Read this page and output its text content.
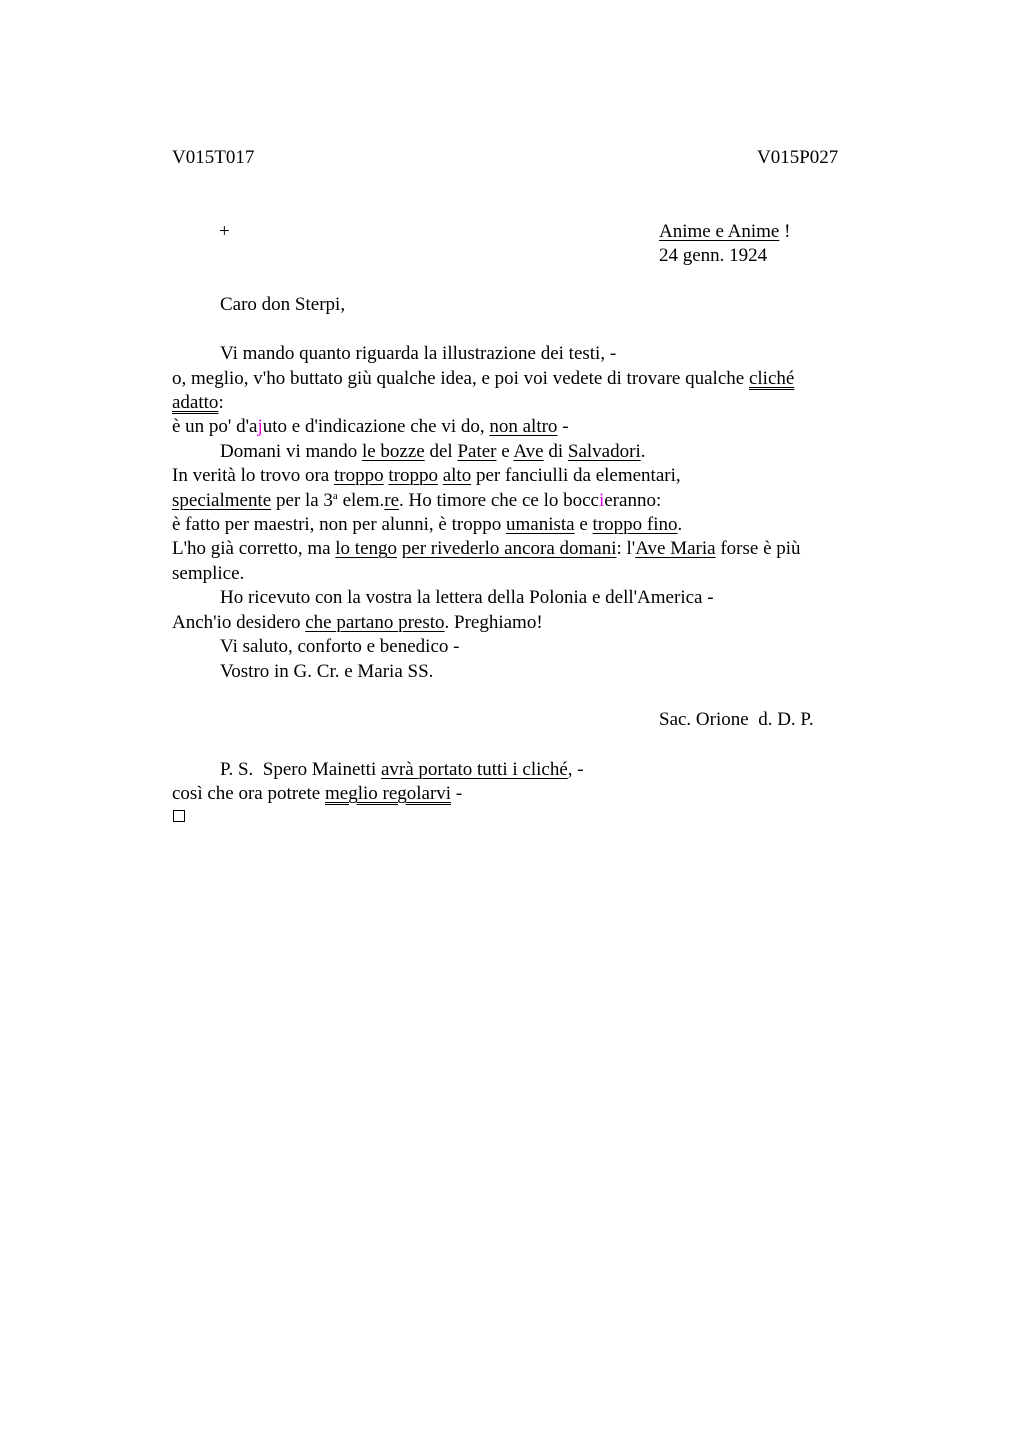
V015T017	V015P027
+	Anime e Anime !
24 genn. 1924
Caro don Sterpi,
Vi mando quanto riguarda la illustrazione dei testi, -
o, meglio, v'ho buttato giù qualche idea, e poi voi vedete di trovare qualche cliché
adatto:
è un po' d'ajuto e d'indicazione che vi do, non altro -
Domani vi mando le bozze del Pater e Ave di Salvadori.
In verità lo trovo ora troppo troppo alto per fanciulli da elementari,
specialmente per la 3$^a$ elem.re. Ho timore che ce lo boccieranno:
è fatto per maestri, non per alunni, è troppo umanista e troppo fino.
L'ho già corretto, ma lo tengo per rivederlo ancora domani: l'Ave Maria forse è più
semplice.
Ho ricevuto con la vostra la lettera della Polonia e dell'America -
Anch'io desidero che partano presto. Preghiamo!
Vi saluto, conforto e benedico -
Vostro in G. Cr. e Maria SS.
Sac. Orione  d. D. P.
P. S.  Spero Mainetti avrà portato tutti i cliché, -
così che ora potrete meglio regolarvi -
